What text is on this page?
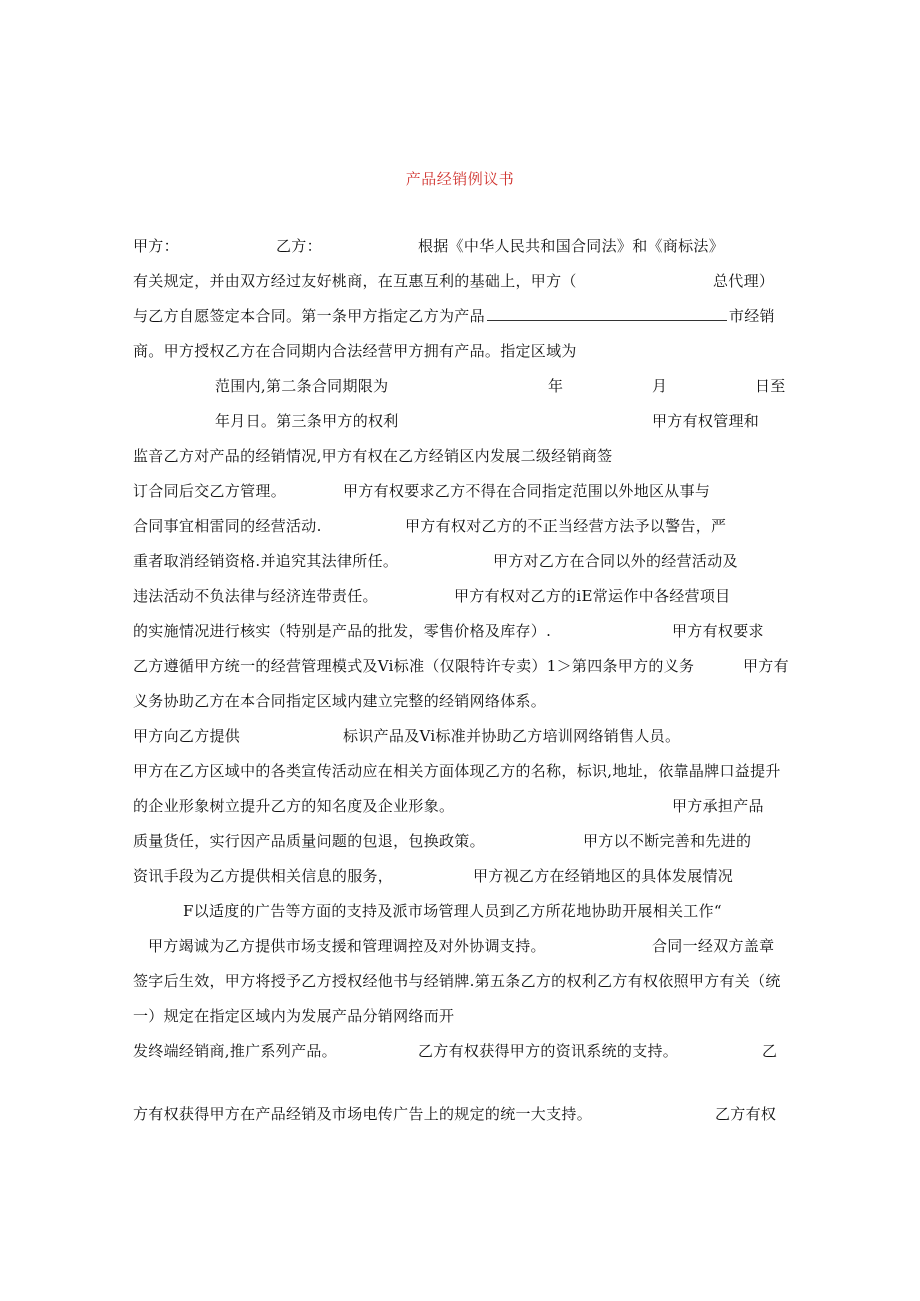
产品经销例议书
甲方：	乙方：	根据《中华人民共和国合同法》和《商标法》
有关规定，并由双方经过友好桃商，在互惠互利的基础上，甲方（	总代理）
与乙方自愿签定本合同。第一条甲方指定乙方为产品	市经销
商。甲方授权乙方在合同期内合法经营甲方拥有产品。指定区域为
范围内,第二条合同期限为	年	月	日至
年月日。第三条甲方的权利	甲方有权管理和
监音乙方对产品的经销情况,甲方有权在乙方经销区内发展二级经销商签
订合同后交乙方管理。	甲方有权要求乙方不得在合同指定范围以外地区从事与
合同事宜相雷同的经营活动.	甲方有权对乙方的不正当经营方法予以警告，严
重者取消经销资格.并追究其法律所任。	甲方对乙方在合同以外的经营活动及
违法活动不负法律与经济连带责任。	甲方有权对乙方的iE常运作中各经营项目
的实施情况进行核实（特别是产品的批发，零售价格及库存）.	甲方有权要求
乙方遵循甲方统一的经营管理模式及Vi标准（仅限特许专卖）1＞第四条甲方的义务	甲方有
义务协助乙方在本合同指定区域内建立完整的经销网络体系。
甲方向乙方提供	标识产品及Vi标准并协助乙方培训网络销售人员。
甲方在乙方区域中的各类宣传活动应在相关方面体现乙方的名称，标识,地址，依靠晶牌口益提升
的企业形象树立提升乙方的知名度及企业形象。	甲方承担产品
质量货任，实行因产品质量问题的包退，包换政策。	甲方以不断完善和先进的
资讯手段为乙方提供相关信息的服务，	甲方视乙方在经销地区的具体发展情况
F以适度的广告等方面的支持及派市场管理人员到乙方所花地协助开展相关工作“
甲方竭诚为乙方提供市场支援和管理调控及对外协调支持。	合同一经双方盖章
签字后生效，甲方将授予乙方授权经他书与经销牌.第五条乙方的权利乙方有权依照甲方有关（统
一）规定在指定区域内为发展产品分销网络而开
发终端经销商,推广系列产品。	乙方有权获得甲方的资讯系统的支持。	乙
方有权获得甲方在产品经销及市场电传广告上的规定的统一大支持。	乙方有权
